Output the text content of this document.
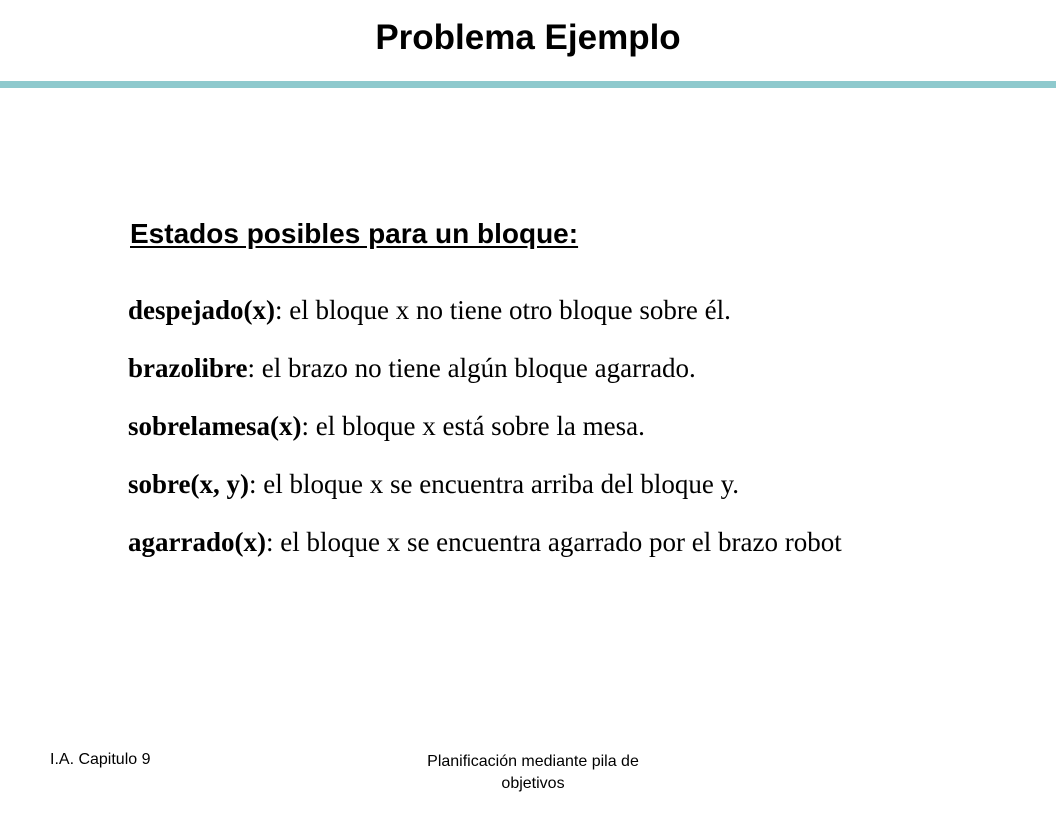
Problema Ejemplo
Estados posibles para un bloque:
despejado(x): el bloque x no tiene otro bloque sobre él.
brazolibre: el brazo no tiene algún bloque agarrado.
sobrelamesa(x): el bloque x está sobre la mesa.
sobre(x, y): el bloque x se encuentra arriba del bloque y.
agarrado(x): el bloque x se encuentra agarrado por el brazo robot
I.A. Capitulo 9	Planificación mediante pila de objetivos
